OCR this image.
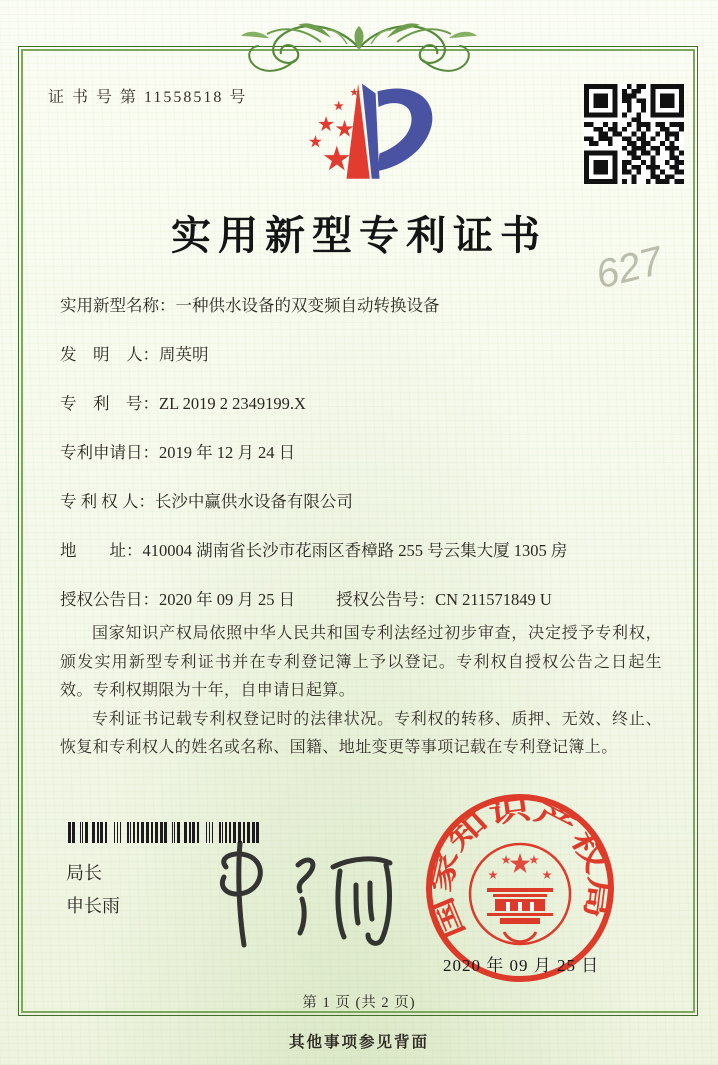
证 书 号 第 11558518 号
实用新型专利证书
627
实用新型名称：一种供水设备的双变频自动转换设备
发　明　人：周英明
专　利　号：ZL 2019 2 2349199.X
专利申请日：2019 年 12 月 24 日
专 利 权 人：长沙中赢供水设备有限公司
地　　址：410004 湖南省长沙市花雨区香樟路 255 号云集大厦 1305 房
授权公告日：2020 年 09 月 25 日 授权公告号：CN 211571849 U

国家知识产权局依照中华人民共和国专利法经过初步审查，决定授予专利权，颁发实用新型专利证书并在专利登记簿上予以登记。专利权自授权公告之日起生效。专利权期限为十年，自申请日起算。

专利证书记载专利权登记时的法律状况。专利权的转移、质押、无效、终止、恢复和专利权人的姓名或名称、国籍、地址变更等事项记载在专利登记簿上。

局长
申长雨	国家知识产权局
2020 年 09 月 25 日
第 1 页 (共 2 页)
其他事项参见背面
